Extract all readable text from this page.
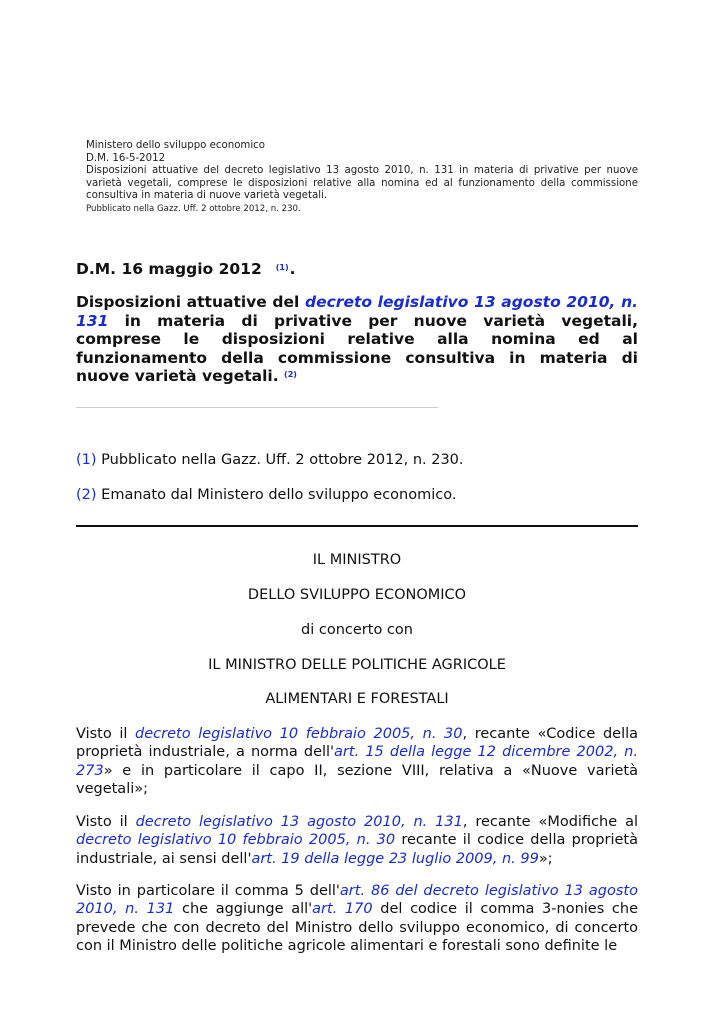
Ministero dello sviluppo economico
D.M. 16-5-2012
Disposizioni attuative del decreto legislativo 13 agosto 2010, n. 131 in materia di privative per nuove varietà vegetali, comprese le disposizioni relative alla nomina ed al funzionamento della commissione consultiva in materia di nuove varietà vegetali.
Pubblicato nella Gazz. Uff. 2 ottobre 2012, n. 230.
D.M. 16 maggio 2012 $^{(1)}$.
Disposizioni attuative del decreto legislativo 13 agosto 2010, n. 131 in materia di privative per nuove varietà vegetali, comprese le disposizioni relative alla nomina ed al funzionamento della commissione consultiva in materia di nuove varietà vegetali. $^{(2)}$
(1) Pubblicato nella Gazz. Uff. 2 ottobre 2012, n. 230.
(2) Emanato dal Ministero dello sviluppo economico.
IL MINISTRO
DELLO SVILUPPO ECONOMICO
di concerto con
IL MINISTRO DELLE POLITICHE AGRICOLE
ALIMENTARI E FORESTALI
Visto il decreto legislativo 10 febbraio 2005, n. 30, recante «Codice della proprietà industriale, a norma dell'art. 15 della legge 12 dicembre 2002, n. 273» e in particolare il capo II, sezione VIII, relativa a «Nuove varietà vegetali»;
Visto il decreto legislativo 13 agosto 2010, n. 131, recante «Modifiche al decreto legislativo 10 febbraio 2005, n. 30 recante il codice della proprietà industriale, ai sensi dell'art. 19 della legge 23 luglio 2009, n. 99»;
Visto in particolare il comma 5 dell'art. 86 del decreto legislativo 13 agosto 2010, n. 131 che aggiunge all'art. 170 del codice il comma 3-nonies che prevede che con decreto del Ministro dello sviluppo economico, di concerto con il Ministro delle politiche agricole alimentari e forestali sono definite le
